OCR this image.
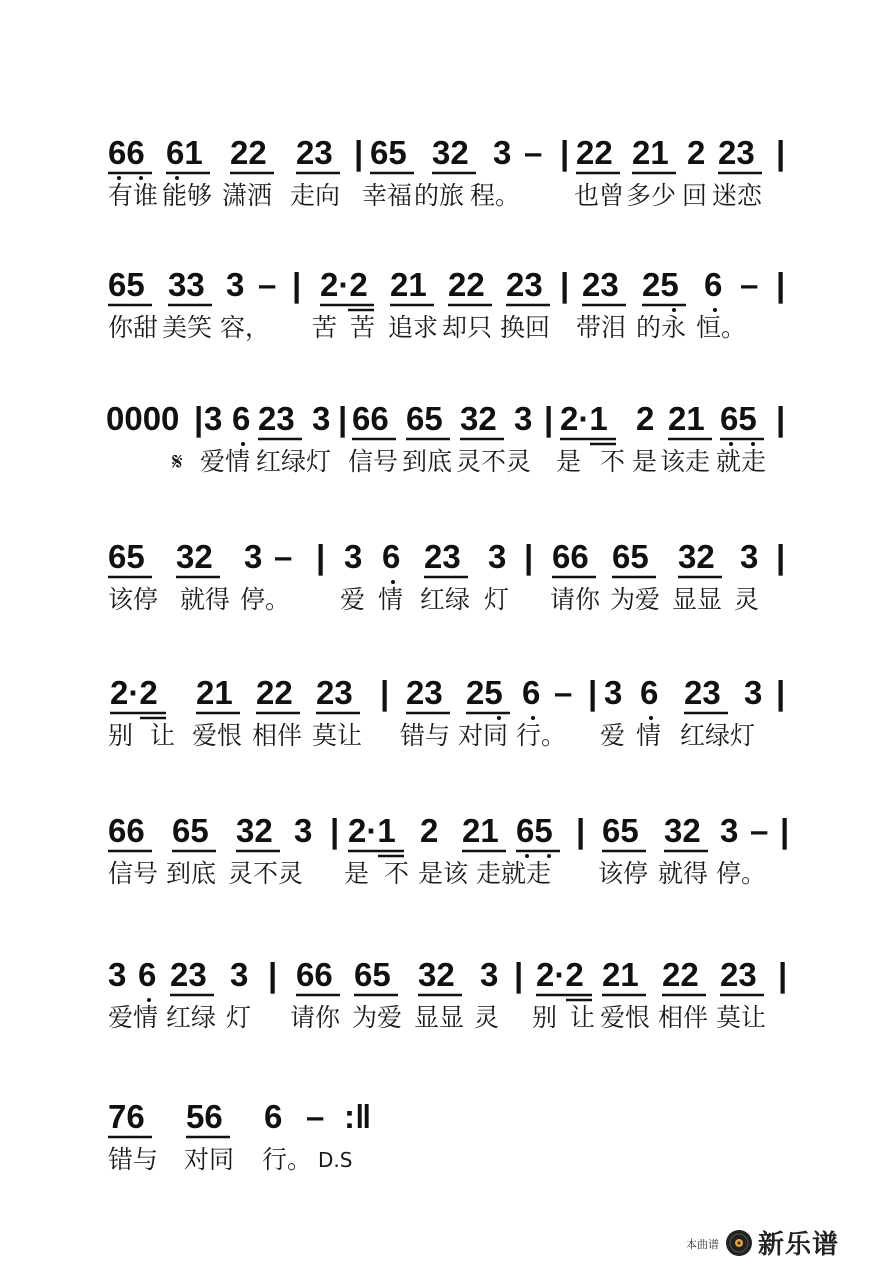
66 61 22 23 | 65 32 3 – | 22 21 2 23 |
有谁 能够 潇洒 走向 幸福 的旅 程。 也曾 多少 回 迷恋
65 33 3 – | 2·2 21 22 23 | 23 25 6 – |
你甜 美笑 容， 苦 苦 追求 却只 换回 带泪 的永 恒。
0000 | 3 6 23 3 | 66 65 32 3 | 2·1 2 21 65 |
𝄋 爱情 红绿灯 信号 到底 灵不灵 是 不 是 该走 就走
65 32 3 – | 3 6 23 3 | 66 65 32 3 |
该停 就得 停。 爱 情 红绿 灯 请你 为爱 显显 灵
2·2 21 22 23 | 23 25 6 – | 3 6 23 3 |
别 让 爱恨 相伴 莫让 错与 对同 行。 爱 情 红绿灯
66 65 32 3 | 2·1 2 21 65 | 65 32 3 – |
信号 到底 灵不灵 是 不 是该 走就走 该停 就得 停。
3 6 23 3 | 66 65 32 3 | 2·2 21 22 23 |
爱情 红绿 灯 请你 为爱 显显 灵 别 让 爱恨 相伴 莫让
76 56 6 – :‖
错与 对同 行。 D.S
本曲谱 新乐谱
